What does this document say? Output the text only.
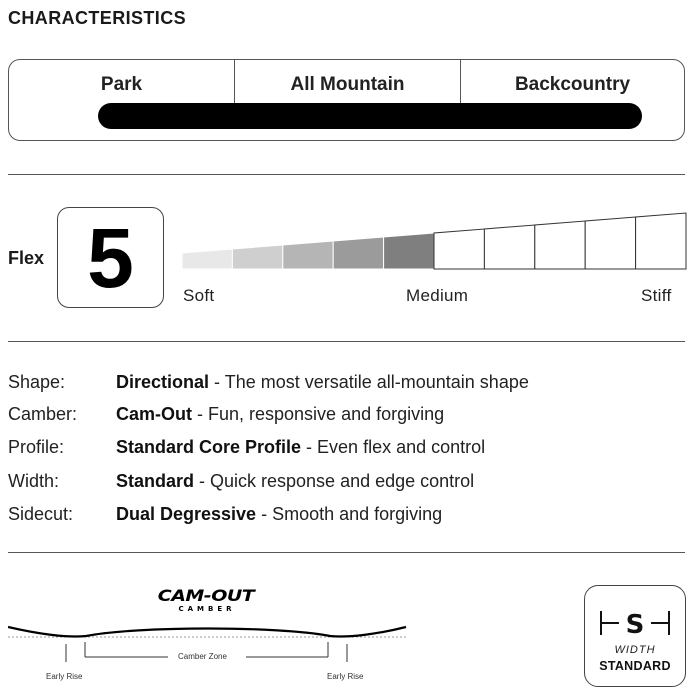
CHARACTERISTICS
Park	All Mountain	Backcountry
Flex 5	Soft	Medium	Stiff
Shape:	Directional - The most versatile all-mountain shape
Camber: Cam-Out - Fun, responsive and forgiving
Profile:	Standard Core Profile - Even flex and control
Width:	Standard - Quick response and edge control
Sidecut: Dual Degressive - Smooth and forgiving
CAM-OUT
CAMBER
Camber Zone
Early Rise	Early Rise
S
WIDTH
STANDARD
